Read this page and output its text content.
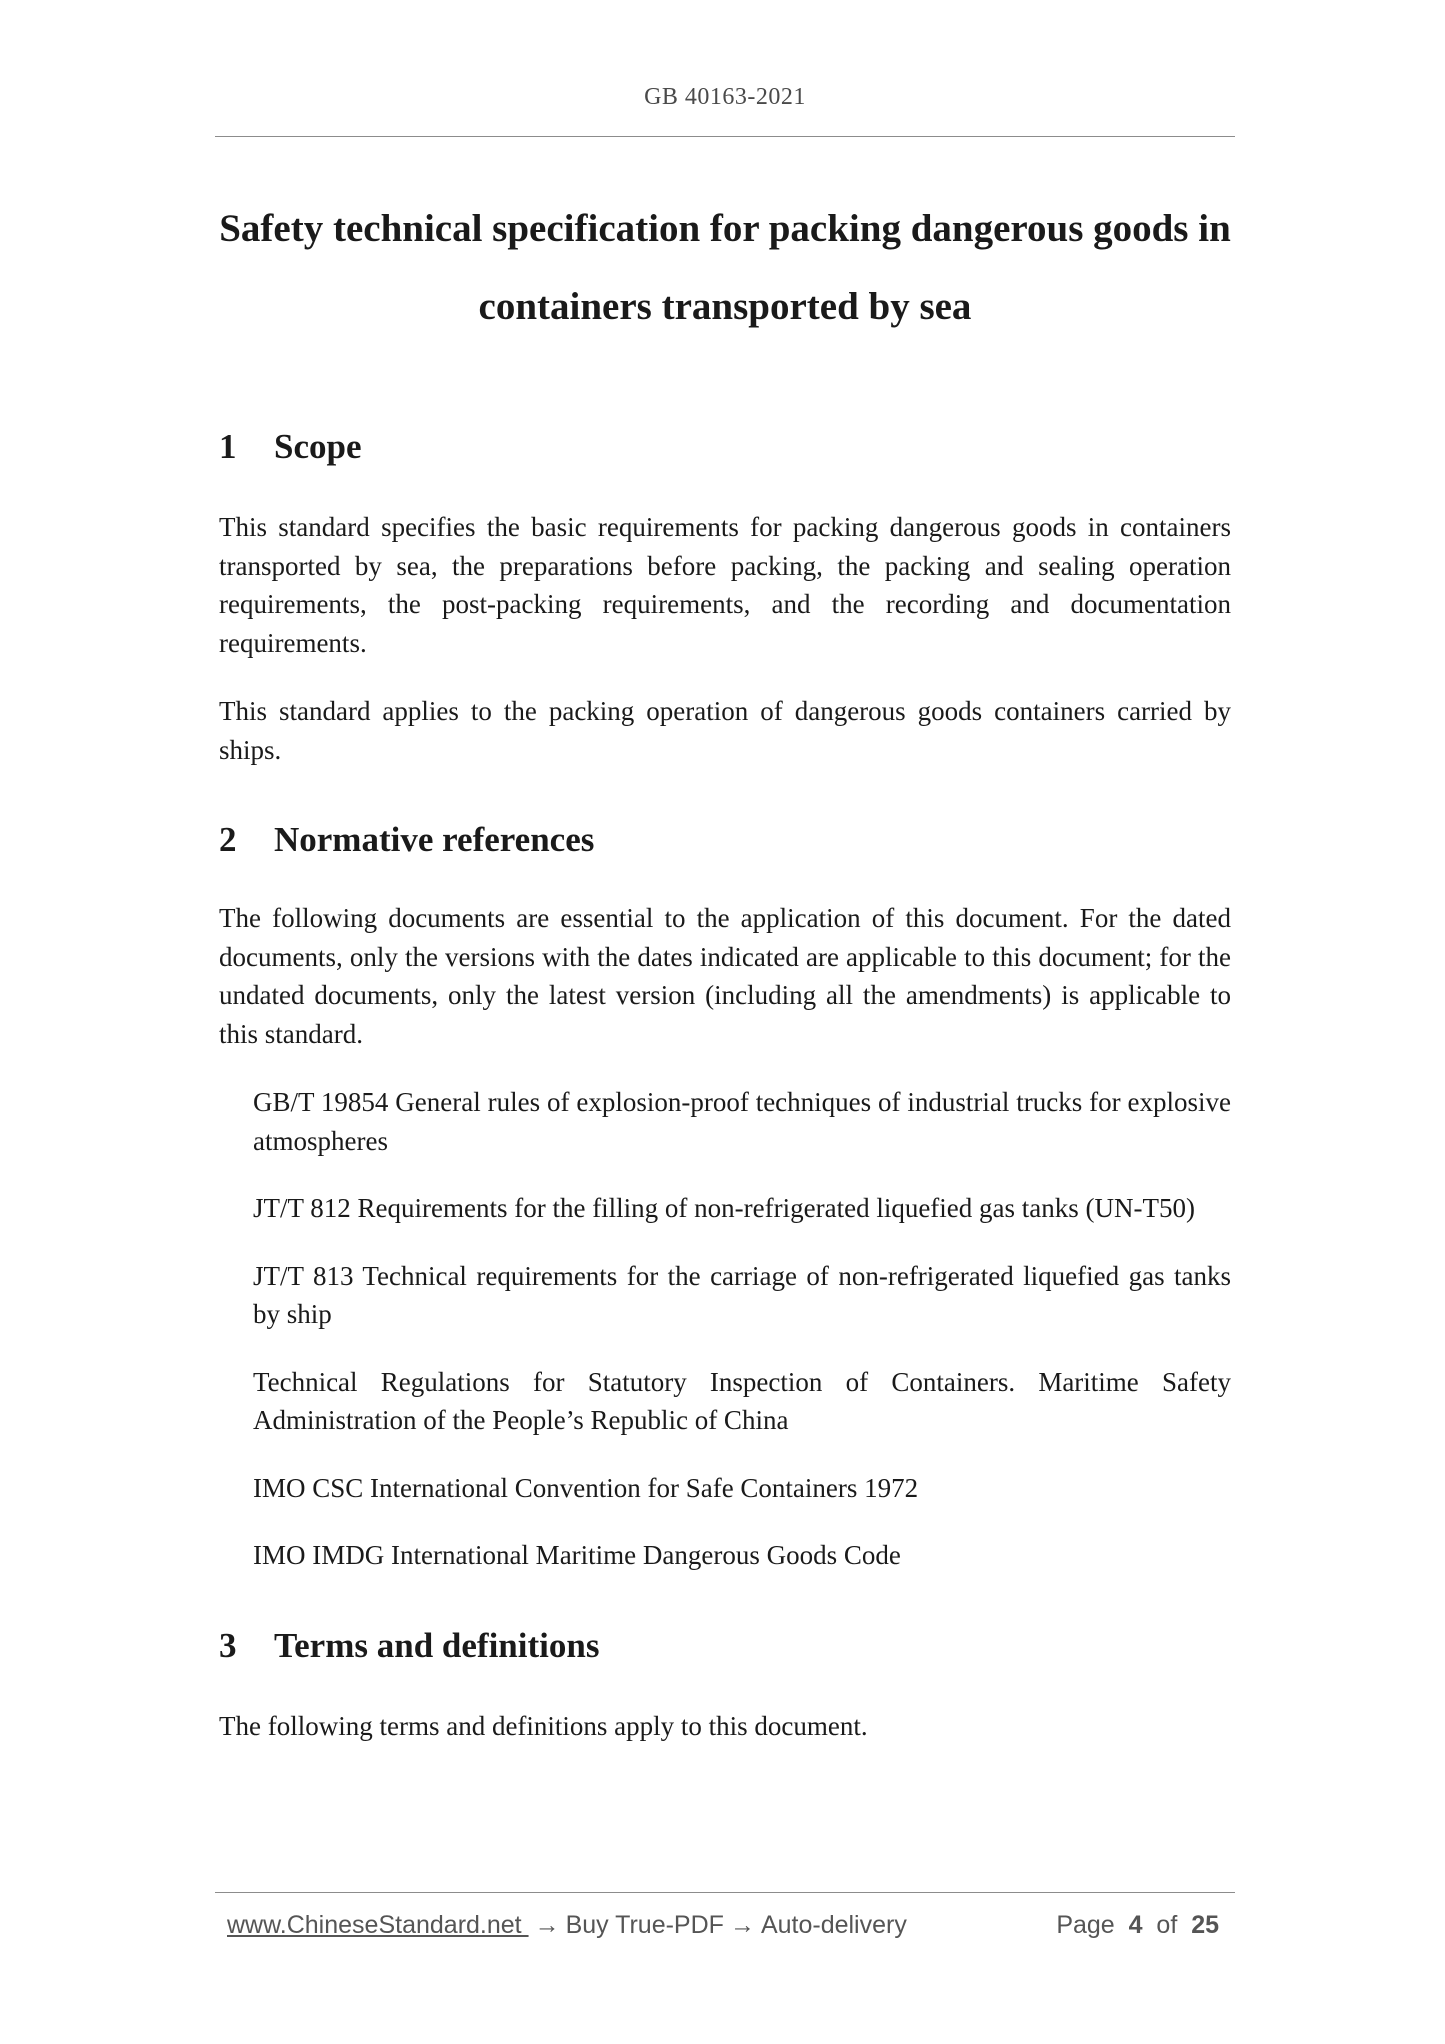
GB 40163-2021
Safety technical specification for packing dangerous goods in
containers transported by sea
1	Scope

This standard specifies the basic requirements for packing dangerous goods in containers transported by sea, the preparations before packing, the packing and sealing operation requirements, the post-packing requirements, and the recording and documentation requirements.

This standard applies to the packing operation of dangerous goods containers carried by ships.

2	Normative references

The following documents are essential to the application of this document. For the dated documents, only the versions with the dates indicated are applicable to this document; for the undated documents, only the latest version (including all the amendments) is applicable to this standard.

GB/T 19854 General rules of explosion-proof techniques of industrial trucks for explosive atmospheres

JT/T 812 Requirements for the filling of non-refrigerated liquefied gas tanks (UN-T50)

JT/T 813 Technical requirements for the carriage of non-refrigerated liquefied gas tanks by ship

Technical Regulations for Statutory Inspection of Containers. Maritime Safety Administration of the People’s Republic of China

IMO CSC International Convention for Safe Containers 1972

IMO IMDG International Maritime Dangerous Goods Code

3	Terms and definitions

The following terms and definitions apply to this document.

www.ChineseStandard.net → Buy True-PDF → Auto-delivery	Page 4 of 25
